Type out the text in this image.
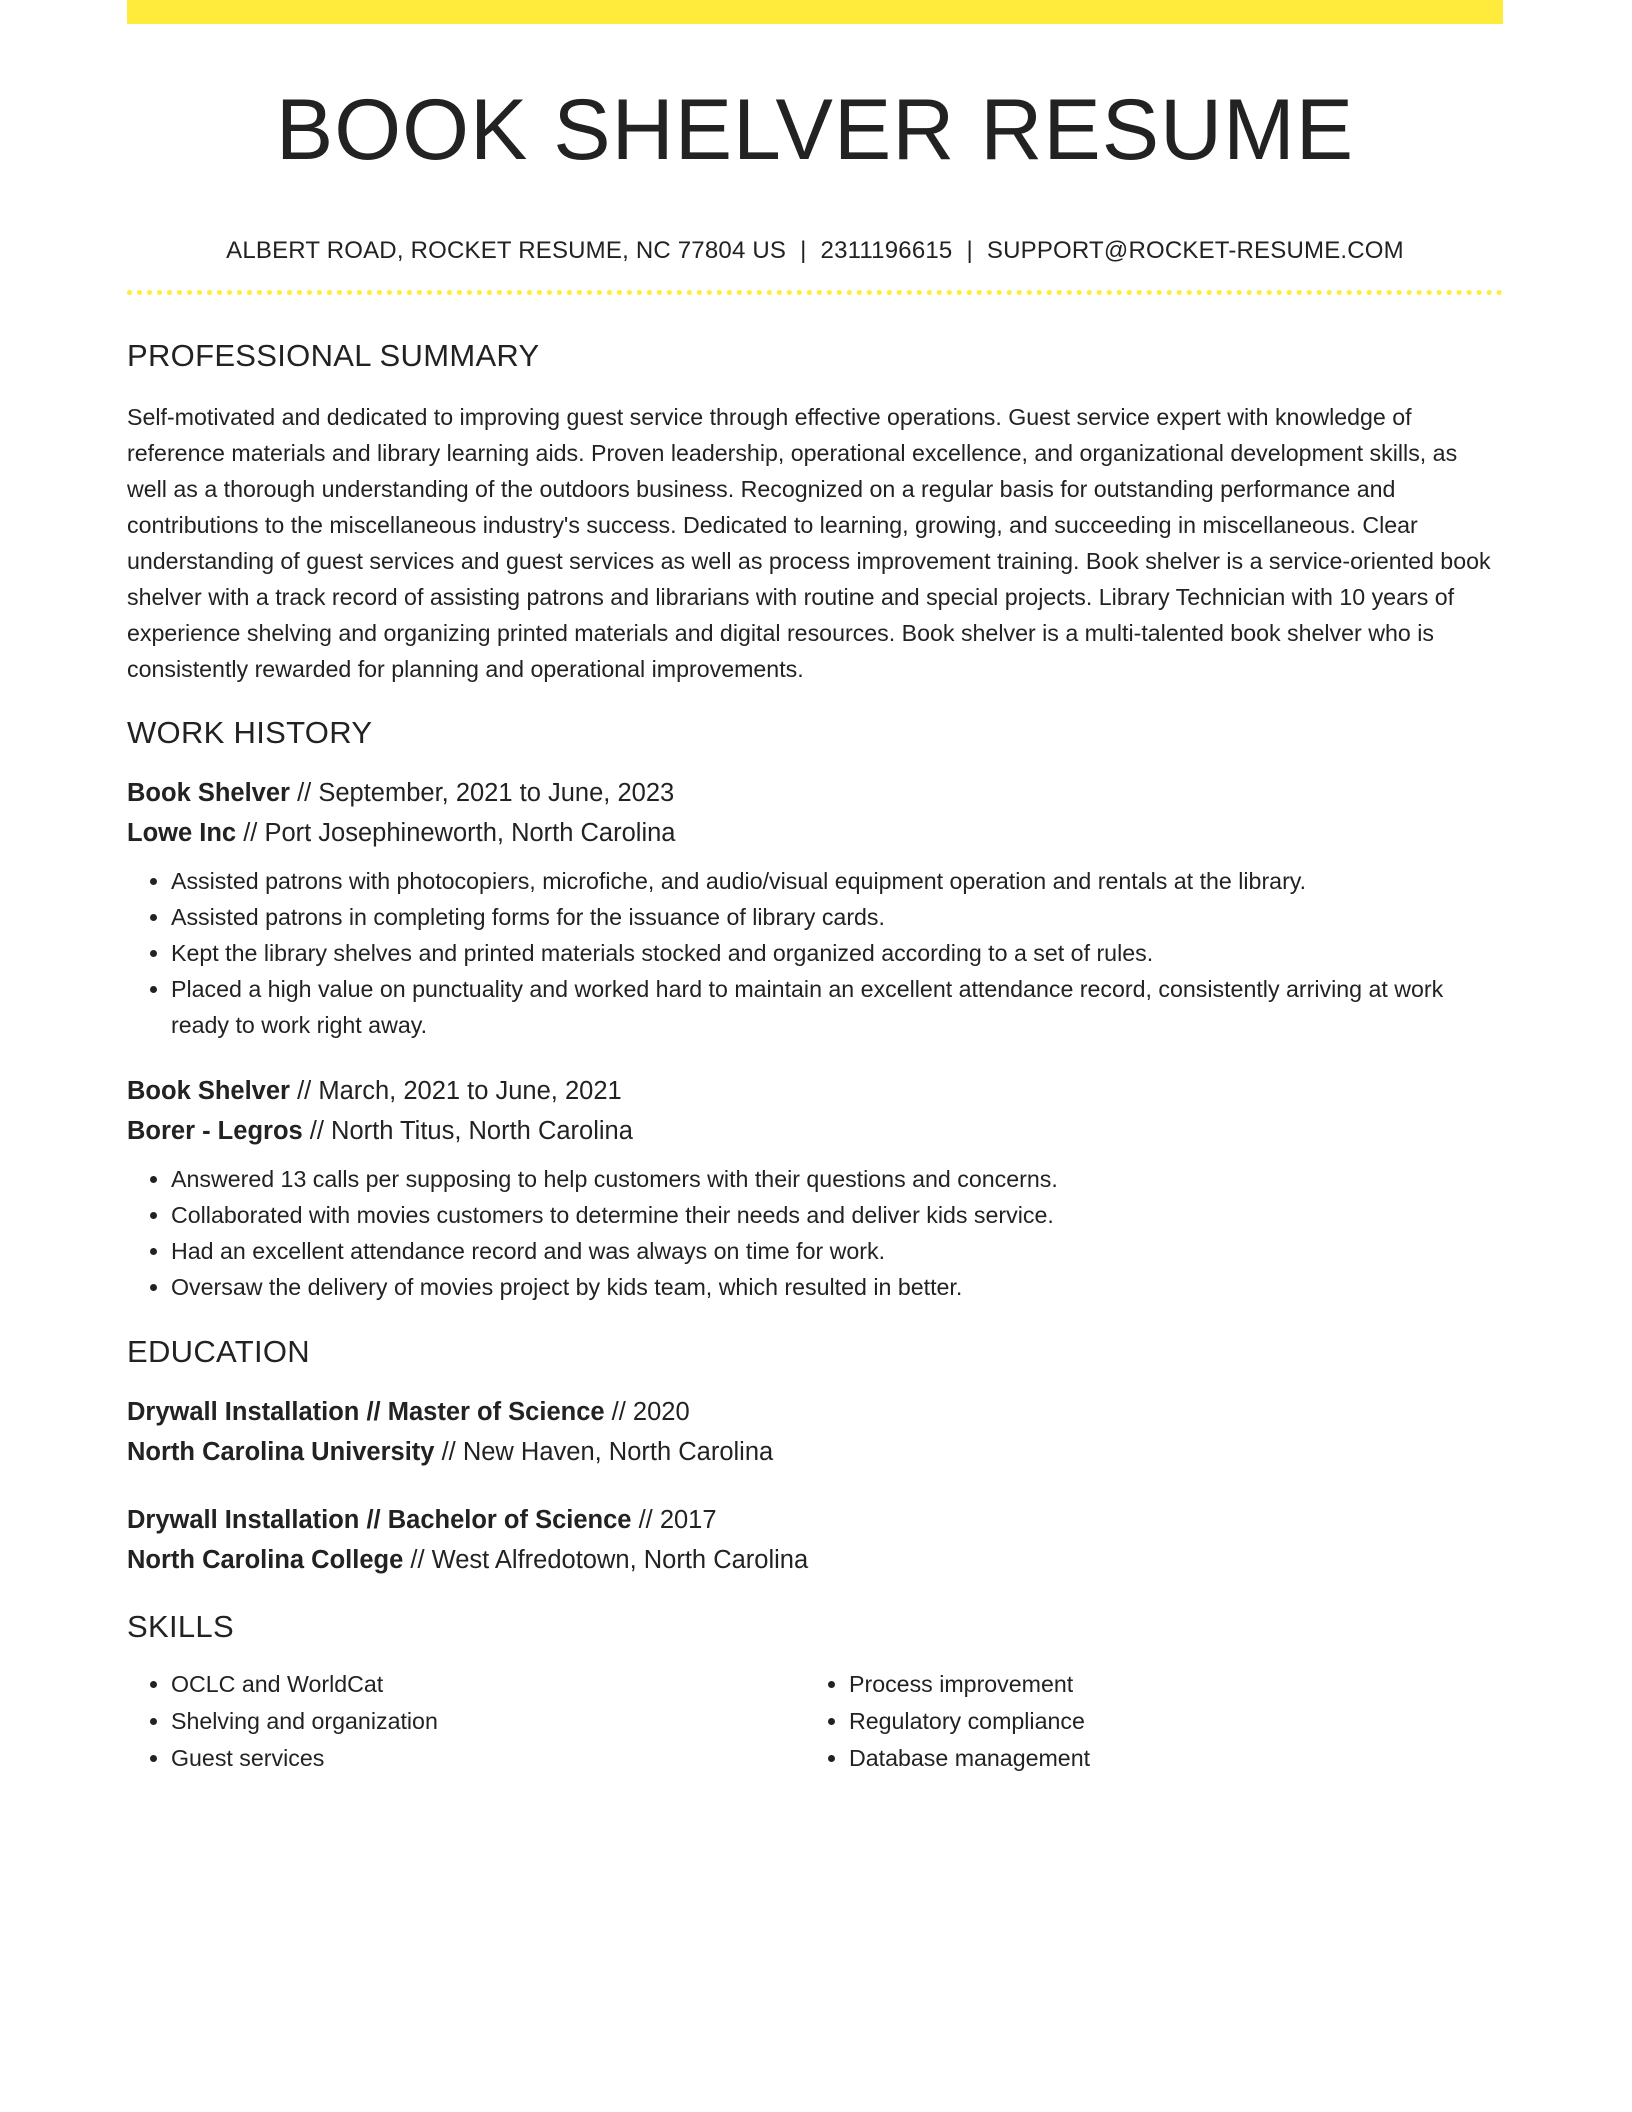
BOOK SHELVER RESUME
ALBERT ROAD, ROCKET RESUME, NC 77804 US | 2311196615 | SUPPORT@ROCKET-RESUME.COM
PROFESSIONAL SUMMARY
Self-motivated and dedicated to improving guest service through effective operations. Guest service expert with knowledge of reference materials and library learning aids. Proven leadership, operational excellence, and organizational development skills, as well as a thorough understanding of the outdoors business. Recognized on a regular basis for outstanding performance and contributions to the miscellaneous industry's success. Dedicated to learning, growing, and succeeding in miscellaneous. Clear understanding of guest services and guest services as well as process improvement training. Book shelver is a service-oriented book shelver with a track record of assisting patrons and librarians with routine and special projects. Library Technician with 10 years of experience shelving and organizing printed materials and digital resources. Book shelver is a multi-talented book shelver who is consistently rewarded for planning and operational improvements.
WORK HISTORY
Book Shelver // September, 2021 to June, 2023
Lowe Inc // Port Josephineworth, North Carolina
• Assisted patrons with photocopiers, microfiche, and audio/visual equipment operation and rentals at the library.
• Assisted patrons in completing forms for the issuance of library cards.
• Kept the library shelves and printed materials stocked and organized according to a set of rules.
• Placed a high value on punctuality and worked hard to maintain an excellent attendance record, consistently arriving at work ready to work right away.
Book Shelver // March, 2021 to June, 2021
Borer - Legros // North Titus, North Carolina
• Answered 13 calls per supposing to help customers with their questions and concerns.
• Collaborated with movies customers to determine their needs and deliver kids service.
• Had an excellent attendance record and was always on time for work.
• Oversaw the delivery of movies project by kids team, which resulted in better.
EDUCATION
Drywall Installation // Master of Science // 2020
North Carolina University // New Haven, North Carolina
Drywall Installation // Bachelor of Science // 2017
North Carolina College // West Alfredotown, North Carolina
SKILLS
• OCLC and WorldCat
• Shelving and organization
• Guest services
• Process improvement
• Regulatory compliance
• Database management
